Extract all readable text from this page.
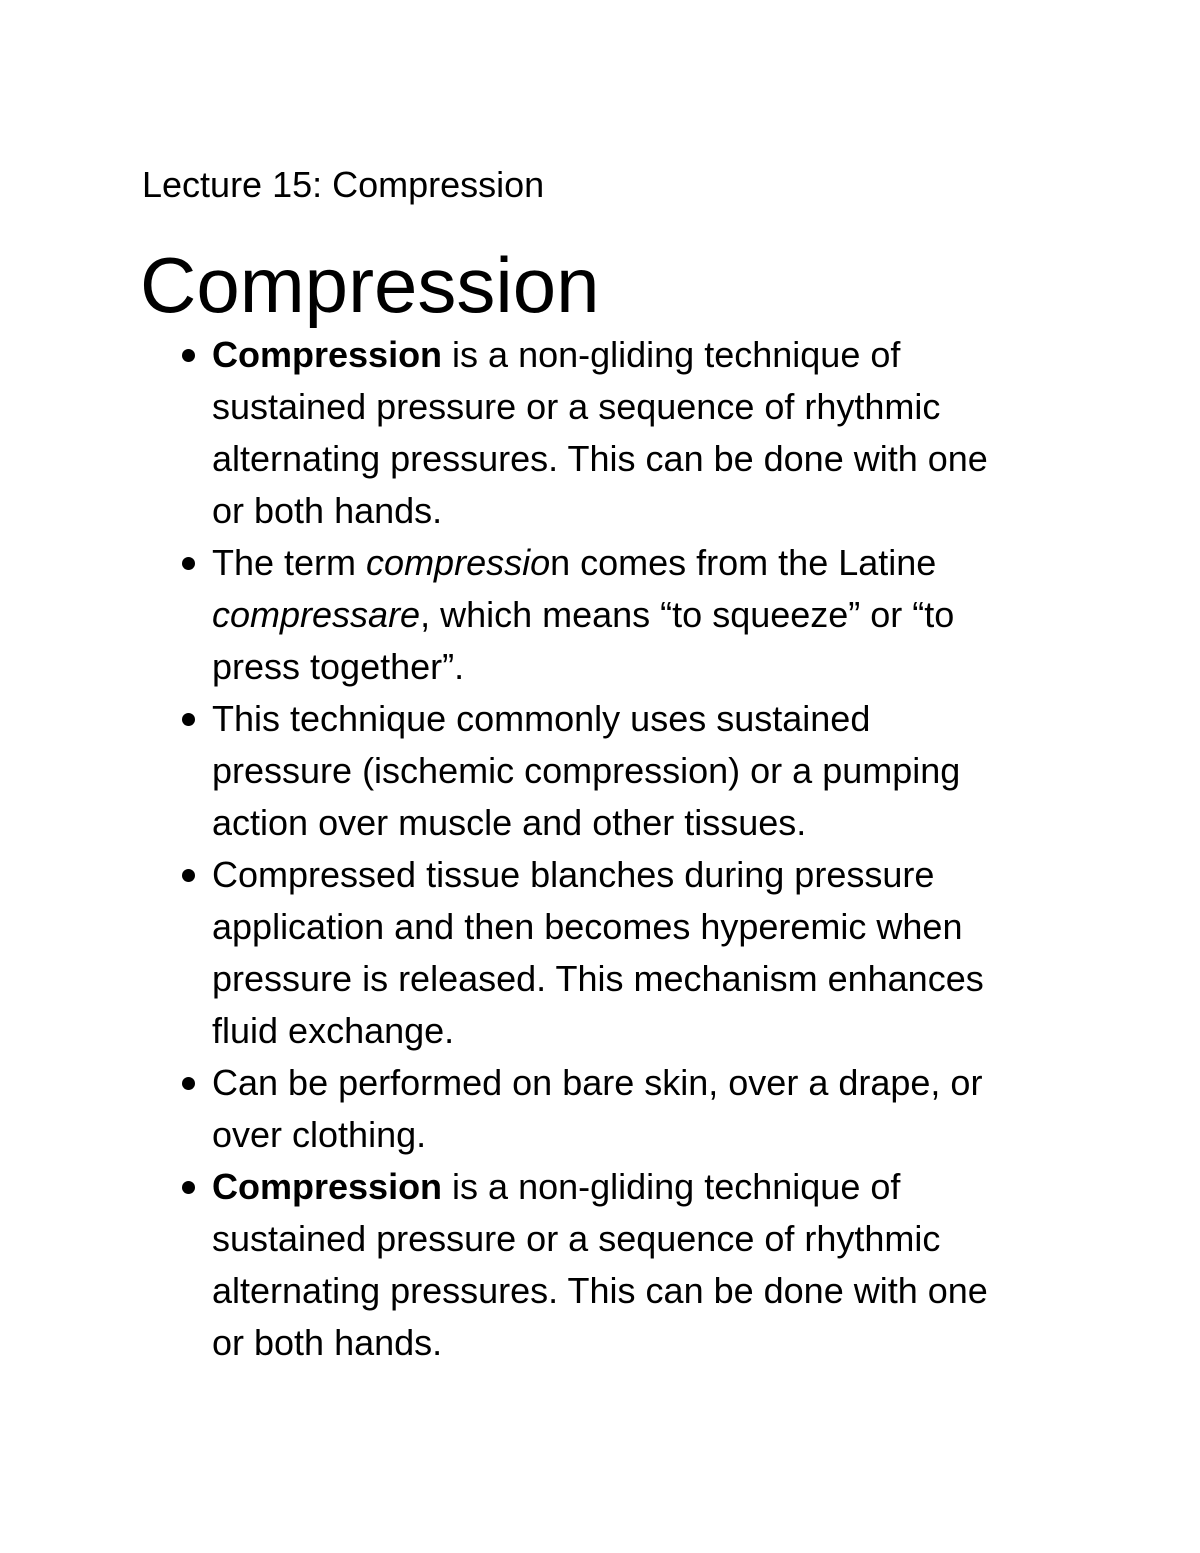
Lecture 15: Compression
Compression
Compression is a non-gliding technique of
sustained pressure or a sequence of rhythmic
alternating pressures. This can be done with one
or both hands.
The term compression comes from the Latine
compressare, which means “to squeeze” or “to
press together”.
This technique commonly uses sustained
pressure (ischemic compression) or a pumping
action over muscle and other tissues.
Compressed tissue blanches during pressure
application and then becomes hyperemic when
pressure is released. This mechanism enhances
fluid exchange.
Can be performed on bare skin, over a drape, or
over clothing.
Compression is a non-gliding technique of
sustained pressure or a sequence of rhythmic
alternating pressures. This can be done with one
or both hands.
